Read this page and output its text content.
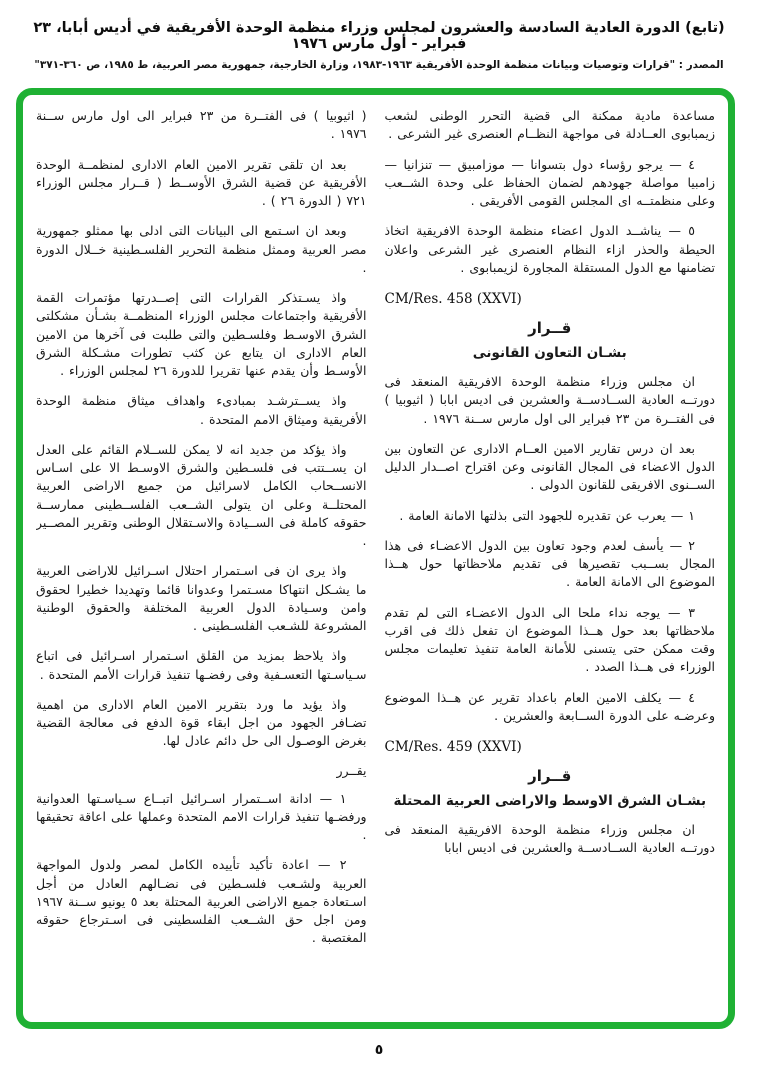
(تابع) الدورة العادية السادسة والعشرون لمجلس وزراء منظمة الوحدة الأفريقية في أديس أبابا، ٢٣ فبراير - أول مارس ١٩٧٦
المصدر : "قرارات وتوصيات وبيانات منظمة الوحدة الأفريقية ١٩٦٣-١٩٨٣، وزارة الخارجية، جمهورية مصر العربية، ط ١٩٨٥، ص ٣٦٠-٣٧١"
مساعدة مادية ممكنة الى قضية التحرر الوطنى لشعب زيمبابوى العــادلة فى مواجهة النظــام العنصرى غير الشرعى .
٤ — يرجو رؤساء دول بتسوانا — موزامبيق — تنزانيا — زامبيا مواصلة جهودهم لضمان الحفاظ على وحدة الشــعب وعلى منظمتــه اى المجلس القومى الأفريقى .
٥ — يناشــد الدول اعضاء منظمة الوحدة الافريقية اتخاذ الحيطة والحذر ازاء النظام العنصرى غير الشرعى واعلان تضامنها مع الدول المستقلة المجاورة لزيمبابوى .
CM/Res. 458 (XXVI)
قــرار
بشـان التعاون القانونى
ان مجلس وزراء منظمة الوحدة الافريقية المنعقد فى دورتــه العادية الســادســة والعشرين فى اديس ابابا ( اثيوبيا ) فى الفتــرة من ٢٣ فبراير الى اول مارس ســنة ١٩٧٦ .
بعد ان درس تقارير الامين العــام الادارى عن التعاون بين الدول الاعضاء فى المجال القانونى وعن اقتراح اصــدار الدليل الســنوى الافريقى للقانون الدولى .
١ — يعرب عن تقديره للجهود التى بذلتها الامانة العامة .
٢ — يأسف لعدم وجود تعاون بين الدول الاعضـاء فى هذا المجال بســبب تقصيرها فى تقديم ملاحظاتها حول هــذا الموضوع الى الامانة العامة .
٣ — يوجه نداء ملحا الى الدول الاعضـاء التى لم تقدم ملاحظاتها بعد حول هــذا الموضوع ان تفعل ذلك فى اقرب وقت ممكن حتى يتسنى للأمانة العامة تنفيذ تعليمات مجلس الوزراء فى هــذا الصدد .
٤ — يكلف الامين العام باعداد تقرير عن هــذا الموضوع وعرضـه على الدورة الســابعة والعشرين .
CM/Res. 459 (XXVI)
قــرار
بشـان الشرق الاوسط والاراضى العربية المحتلة
ان مجلس وزراء منظمة الوحدة الافريقية المنعقد فى دورتــه العادية الســادســة والعشرين فى اديس ابابا
( اثيوبيا ) فى الفتــرة من ٢٣ فبراير الى اول مارس ســنة ١٩٧٦ .
بعد ان تلقى تقرير الامين العام الادارى لمنظمــة الوحدة الأفريقية عن قضية الشرق الأوســط ( قــرار مجلس الوزراء ٧٢١ ( الدورة ٢٦ ) .
وبعد ان اسـتمع الى البيانات التى ادلى بها ممثلو جمهورية مصر العربية وممثل منظمة التحرير الفلسـطينية خــلال الدورة .
واذ يسـتذكر القرارات التى إصــدرتها مؤتمرات القمة الأفريقية واجتماعات مجلس الوزراء المنظمــة بشـأن مشكلتى الشرق الاوسـط وفلسـطين والتى طلبت فى آخرها من الامين العام الادارى ان يتابع عن كثب تطورات مشـكلة الشرق الأوسـط وأن يقدم عنها تقريرا للدورة ٢٦ لمجلس الوزراء .
واذ يســترشـد بمبادىء واهداف ميثاق منظمة الوحدة الأفريقية وميثاق الامم المتحدة .
واذ يؤكد من جديد انه لا يمكن للســلام القائم على العدل ان يســتتب فى فلسـطين والشرق الاوسـط الا على اسـاس الانســحاب الكامل لاسرائيل من جميع الاراضى العربية المحتلــة وعلى ان يتولى الشــعب الفلســطينى ممارســة حقوقه كاملة فى الســيادة والاسـتقلال الوطنى وتقرير المصــير .
واذ يرى ان فى اسـتمرار احتلال اسـرائيل للاراضى العربية ما يشـكل انتهاكا مسـتمرا وعدوانا قائما وتهديدا خطيرا لحقوق وامن وسـيادة الدول العربية المختلفة والحقوق الوطنية المشروعة للشـعب الفلسـطينى .
واذ يلاحظ بمزيد من القلق اسـتمرار اسـرائيل فى اتباع سـياسـتها التعسـفية وفى رفضـها تنفيذ قرارات الأمم المتحدة .
واذ يؤيد ما ورد بتقرير الامين العام الادارى من اهمية تضـافر الجهود من اجل ابقاء قوة الدفع فى معالجة القضية بغرض الوصـول الى حل دائم عادل لها.
يقــرر
١ — ادانة اســتمرار اسـرائيل اتبــاع سـياسـتها العدوانية ورفضـها تنفيذ قرارات الامم المتحدة وعملها على اعاقة تحقيقها .
٢ — اعادة تأكيد تأييده الكامل لمصر ولدول المواجهة العربية ولشـعب فلسـطين فى نضـالهم العادل من أجل اسـتعادة جميع الاراضى العربية المحتلة بعد ٥ يونيو ســنة ١٩٦٧ ومن اجل حق الشــعب الفلسطينى فى اسـترجاع حقوقه المغتصبة .
٥
